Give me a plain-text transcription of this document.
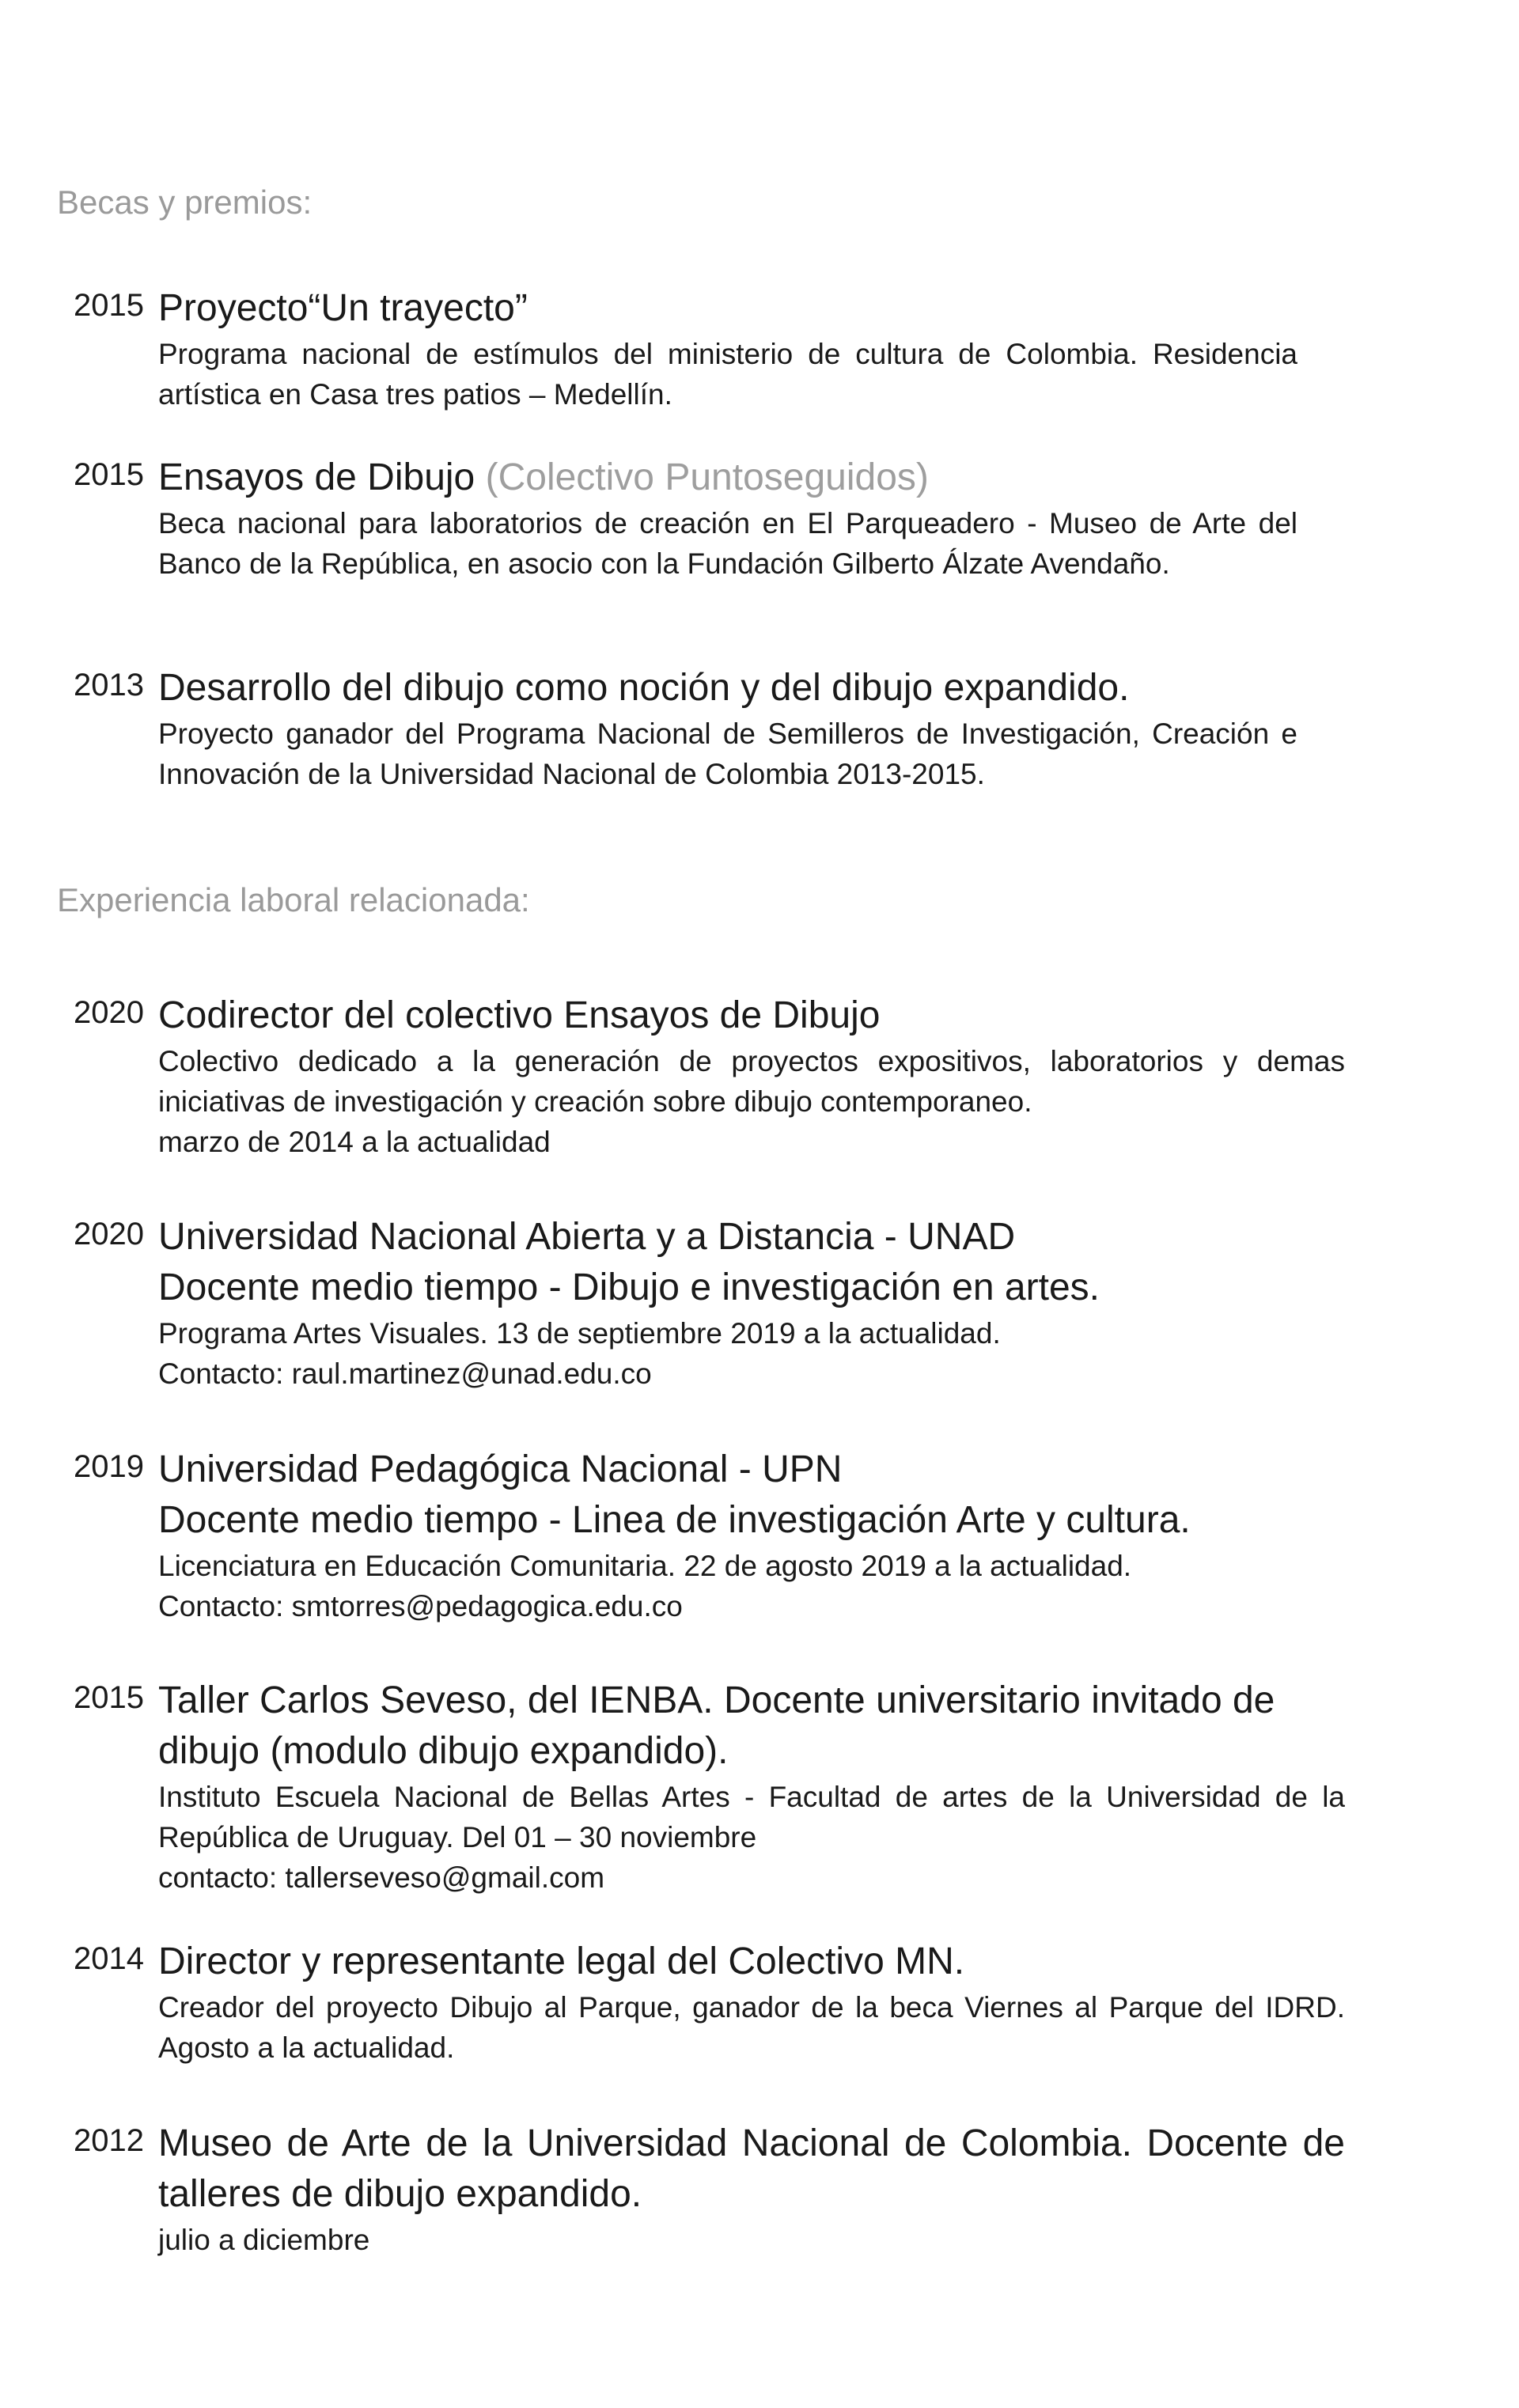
Becas y premios:
2015 Proyecto“Un trayecto”

Programa nacional de estímulos del ministerio de cultura de Colombia. Residencia artística en Casa tres patios – Medellín.

2015 Ensayos de Dibujo (Colectivo Puntoseguidos)

Beca nacional para laboratorios de creación en El Parqueadero - Museo de Arte del Banco de la República, en asocio con la Fundación Gilberto Álzate Avendaño.

2013 Desarrollo del dibujo como noción y del dibujo expandido.

Proyecto ganador del Programa Nacional de Semilleros de Investigación, Creación e Innovación de la Universidad Nacional de Colombia 2013-2015.

Experiencia laboral relacionada:
2020 Codirector del colectivo Ensayos de Dibujo

Colectivo dedicado a la generación de proyectos expositivos, laboratorios y demas iniciativas de investigación y creación sobre dibujo contemporaneo.

marzo de 2014 a la actualidad

2020 Universidad Nacional Abierta y a Distancia - UNAD

Docente medio tiempo - Dibujo e investigación en artes.

Programa Artes Visuales. 13 de septiembre 2019 a la actualidad.

Contacto: raul.martinez@unad.edu.co

2019 Universidad Pedagógica Nacional - UPN

Docente medio tiempo - Linea de investigación Arte y cultura.

Licenciatura en Educación Comunitaria. 22 de agosto 2019 a la actualidad.

Contacto: smtorres@pedagogica.edu.co

2015 Taller Carlos Seveso, del IENBA. Docente universitario invitado de dibujo (modulo dibujo expandido).

Instituto Escuela Nacional de Bellas Artes - Facultad de artes de la Universidad de la República de Uruguay. Del 01 – 30 noviembre

contacto: tallerseveso@gmail.com

2014 Director y representante legal del Colectivo MN.

Creador del proyecto Dibujo al Parque, ganador de la beca Viernes al Parque del IDRD. Agosto a la actualidad.

2012 Museo de Arte de la Universidad Nacional de Colombia. Docente de talleres de dibujo expandido.

julio a diciembre
